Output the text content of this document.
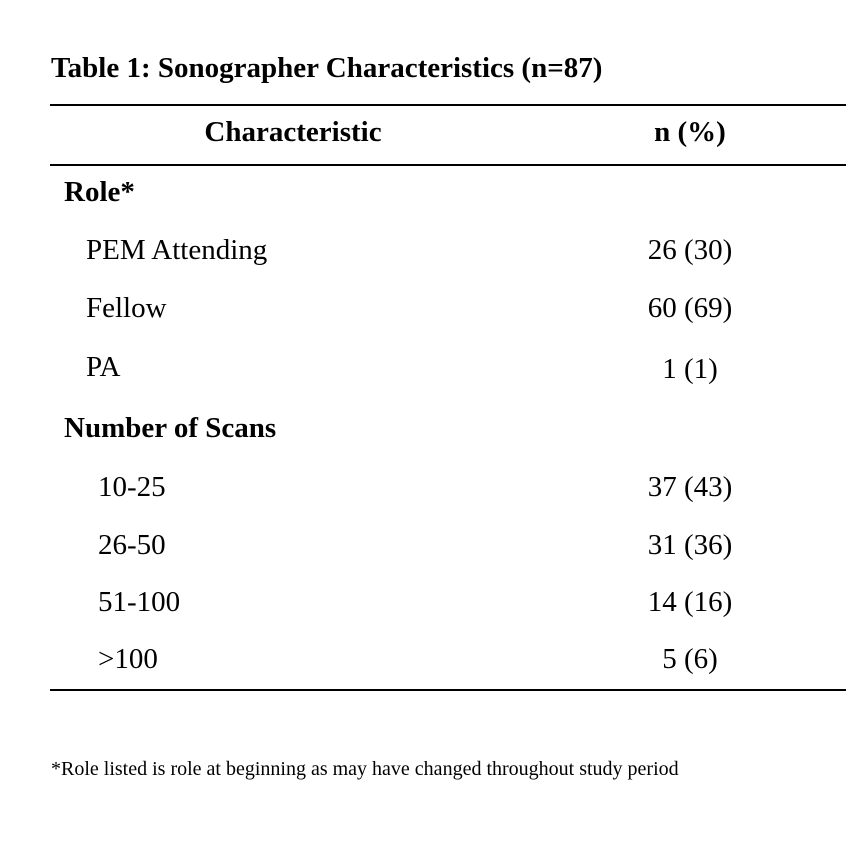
Table 1: Sonographer Characteristics (n=87)
Characteristic	n (%)
Role*
PEM Attending	26 (30)
Fellow	60 (69)
PA	1 (1)
Number of Scans
10-25	37 (43)
26-50	31 (36)
51-100	14 (16)
>100	5 (6)
*Role listed is role at beginning as may have changed throughout study period
